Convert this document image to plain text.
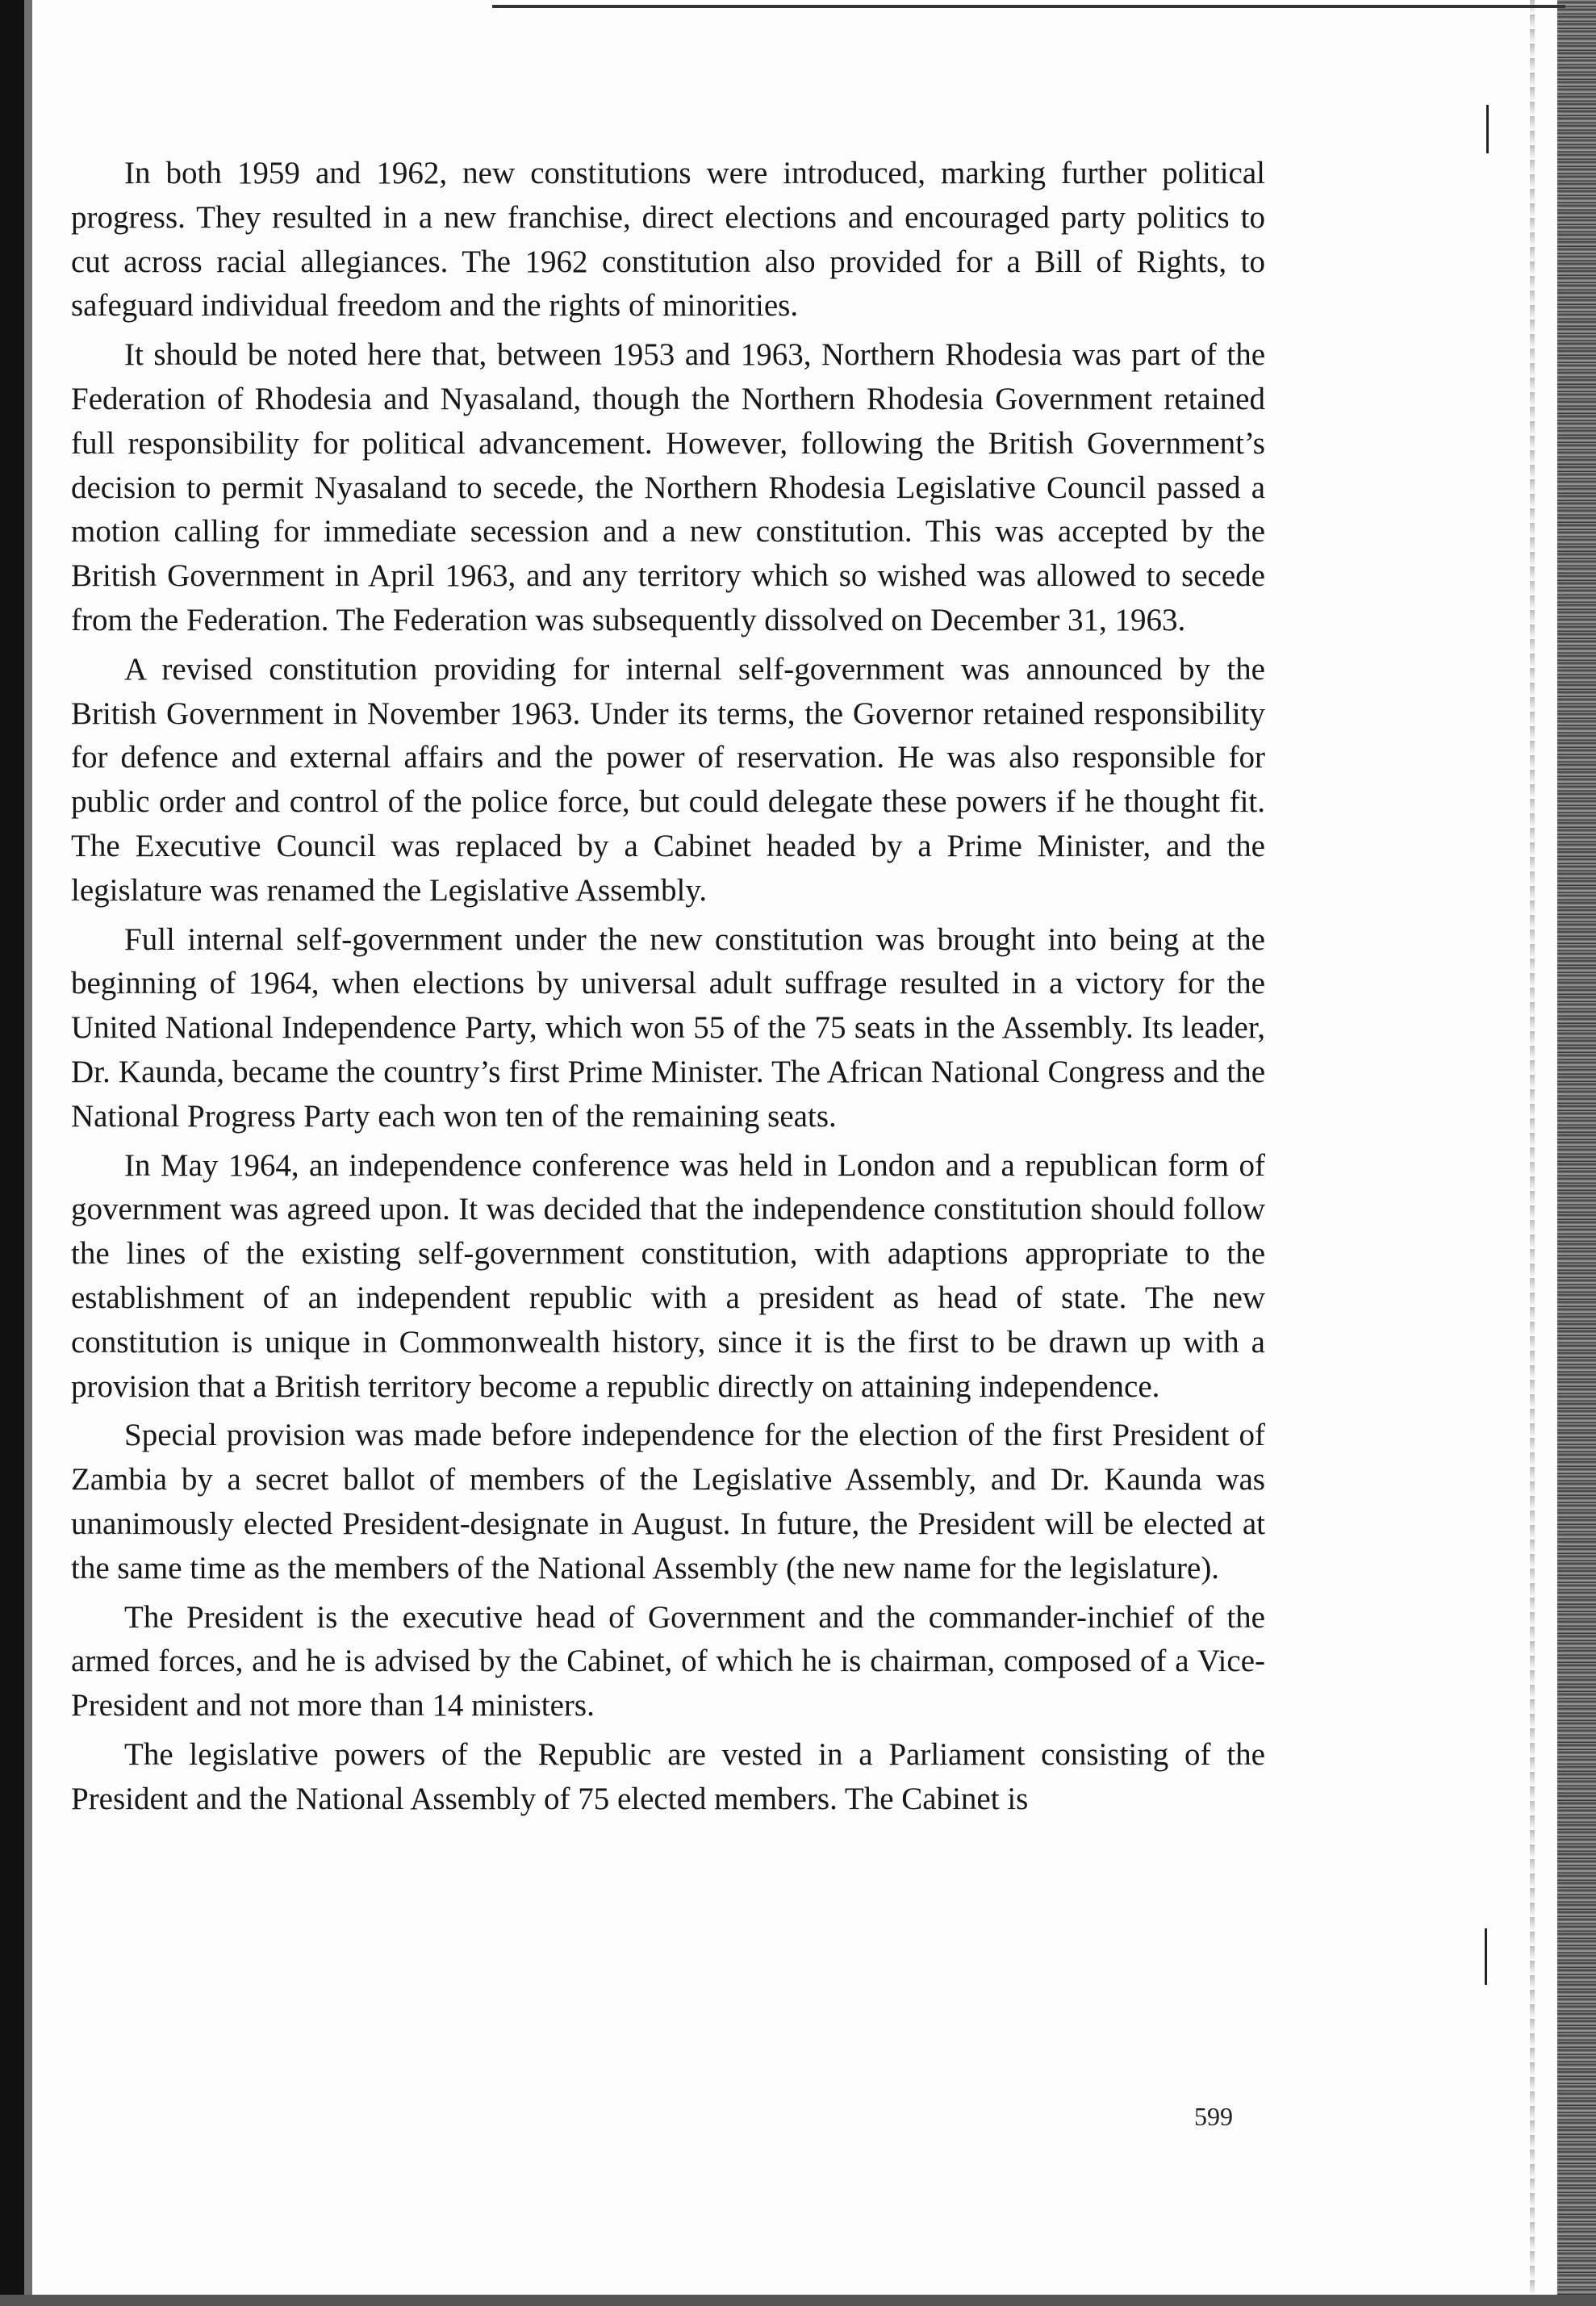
In both 1959 and 1962, new constitutions were introduced, marking further political progress. They resulted in a new franchise, direct elections and encouraged party politics to cut across racial allegiances. The 1962 constitution also provided for a Bill of Rights, to safeguard individual freedom and the rights of minorities.

It should be noted here that, between 1953 and 1963, Northern Rhodesia was part of the Federation of Rhodesia and Nyasaland, though the Northern Rhodesia Government retained full responsibility for political advancement. However, following the British Government’s decision to permit Nyasaland to secede, the Northern Rhodesia Legislative Council passed a motion calling for immediate secession and a new constitution. This was accepted by the British Government in April 1963, and any territory which so wished was allowed to secede from the Federation. The Federation was subsequently dissolved on December 31, 1963.

A revised constitution providing for internal self-government was announced by the British Government in November 1963. Under its terms, the Governor retained responsibility for defence and external affairs and the power of reservation. He was also responsible for public order and control of the police force, but could delegate these powers if he thought fit. The Executive Council was replaced by a Cabinet headed by a Prime Minister, and the legislature was renamed the Legislative Assembly.

Full internal self-government under the new constitution was brought into being at the beginning of 1964, when elections by universal adult suffrage resulted in a victory for the United National Independence Party, which won 55 of the 75 seats in the Assembly. Its leader, Dr. Kaunda, became the country’s first Prime Minister. The African National Congress and the National Progress Party each won ten of the remaining seats.

In May 1964, an independence conference was held in London and a republican form of government was agreed upon. It was decided that the independence constitution should follow the lines of the existing self-government constitution, with adaptions appropriate to the establishment of an independent republic with a president as head of state. The new constitution is unique in Commonwealth history, since it is the first to be drawn up with a provision that a British territory become a republic directly on attaining independence.

Special provision was made before independence for the election of the first President of Zambia by a secret ballot of members of the Legislative Assembly, and Dr. Kaunda was unanimously elected President-designate in August. In future, the President will be elected at the same time as the members of the National Assembly (the new name for the legislature).

The President is the executive head of Government and the commander-inchief of the armed forces, and he is advised by the Cabinet, of which he is chairman, composed of a Vice-President and not more than 14 ministers.

The legislative powers of the Republic are vested in a Parliament consisting of the President and the National Assembly of 75 elected members. The Cabinet is

599
